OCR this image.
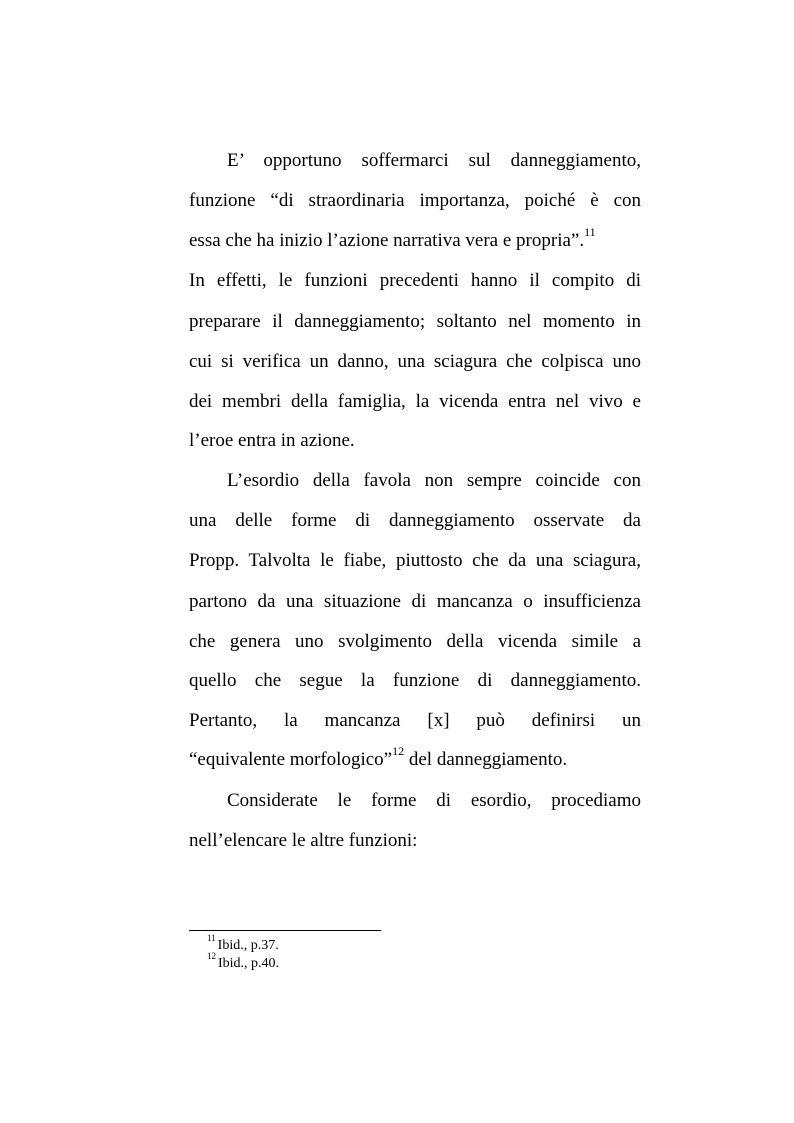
E’ opportuno soffermarci sul danneggiamento,
funzione “di straordinaria importanza, poiché è con
essa che ha inizio l’azione narrativa vera e propria”.$^{11}$
In effetti, le funzioni precedenti hanno il compito di
preparare il danneggiamento; soltanto nel momento in
cui si verifica un danno, una sciagura che colpisca uno
dei membri della famiglia, la vicenda entra nel vivo e
l’eroe entra in azione.
L’esordio della favola non sempre coincide con
una delle forme di danneggiamento osservate da
Propp. Talvolta le fiabe, piuttosto che da una sciagura,
partono da una situazione di mancanza o insufficienza
che genera uno svolgimento della vicenda simile a
quello che segue la funzione di danneggiamento.
Pertanto, la mancanza [x] può definirsi un
“equivalente morfologico”$^{12}$ del danneggiamento.
Considerate le forme di esordio, procediamo
nell’elencare le altre funzioni:
$^{11}$ Ibid., p.37.
$^{12}$ Ibid., p.40.
